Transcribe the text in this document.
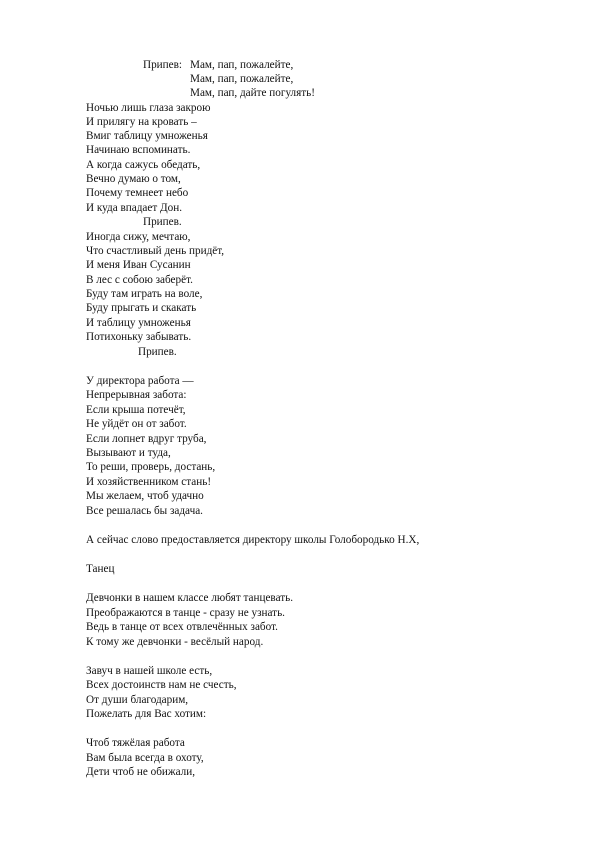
Припев: Мам, пап, пожалейте,
Мам, пап, пожалейте,
Мам, пап, дайте погулять!
Ночью лишь глаза закрою
И прилягу на кровать –
Вмиг таблицу умноженья
Начинаю вспоминать.
А когда сажусь обедать,
Вечно думаю о том,
Почему темнеет небо
И куда впадает Дон.
Припев.
Иногда сижу, мечтаю,
Что счастливый день придёт,
И меня Иван Сусанин
В лес с собою заберёт.
Буду там играть на воле,
Буду прыгать и скакать
И таблицу умноженья
Потихоньку забывать.
Припев.
У директора работа —
Непрерывная забота:
Если крыша потечёт,
Не уйдёт он от забот.
Если лопнет вдруг труба,
Вызывают и туда,
То реши, проверь, достань,
И хозяйственником стань!
Мы желаем, чтоб удачно
Все решалась бы задача.
А сейчас слово предоставляется директору школы Голобородько Н.Х,
Танец
Девчонки в нашем классе любят танцевать.
Преображаются в танце - сразу не узнать.
Ведь в танце от всех отвлечённых забот.
К тому же девчонки - весёлый народ.
Завуч в нашей школе есть,
Всех достоинств нам не счесть,
От души благодарим,
Пожелать для Вас хотим:
Чтоб тяжёлая работа
Вам была всегда в охоту,
Дети чтоб не обижали,
